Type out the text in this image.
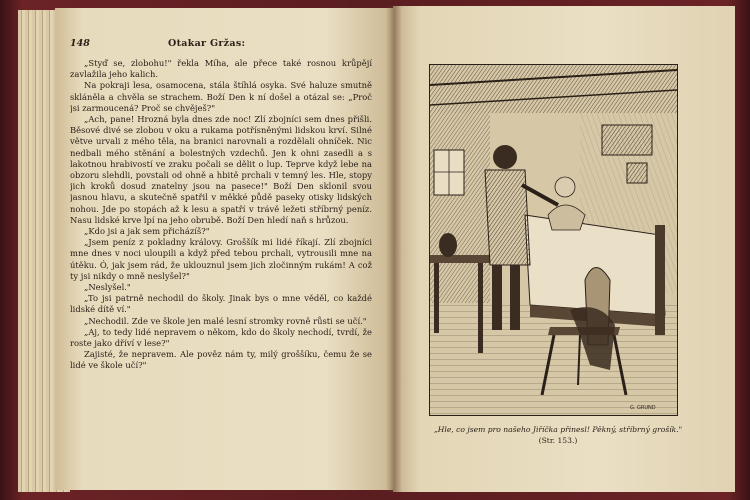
148	Otakar Gržas:

„Styď se, zlobohu!" řekla Míha, ale přece také rosnou krůpějí zavlažila jeho kalich.

Na pokraji lesa, osamocena, stála štíhlá osyka. Své haluze smutně skláněla a chvěla se strachem. Boží Den k ní došel a otázal se: „Proč jsi zarmoucená? Proč se chvěješ?"

„Ach, pane! Hrozná byla dnes zde noc! Zlí zbojníci sem dnes přišli. Běsové divé se zlobou v oku a rukama potřísněnými lidskou krví. Silné větve urvali z mého těla, na branici narovnali a rozdělali ohníček. Nic nedbali mého stěnání a bolestných vzdechů. Jen k ohni zasedli a s lakotnou hrabivostí ve zraku počali se dělit o lup. Teprve když lebe na obzoru slehdli, povstali od ohně a hbitě prchali v temný les. Hle, stopy jich kroků dosud znatelny jsou na pasece!" Boží Den sklonil svou jasnou hlavu, a skutečně spatřil v měkké půdě paseky otisky lidských nohou. Jde po stopách až k lesu a spatří v trávě ležeti stříbrný peníz. Nasu lidské krve lpí na jeho obrubě. Boží Den hledí naň s hrůzou.

„Kdo jsi a jak sem přicházíš?"

„Jsem peníz z pokladny královy. Groššík mi lidé říkají. Zlí zbojníci mne dnes v noci uloupili a když před tebou prchali, vytrousili mne na útěku. Ó, jak jsem rád, že uklouznul jsem jich zločinným rukám! A což ty jsi nikdy o mně neslyšel?"

„Neslyšel."

„To jsi patrně nechodil do školy. Jinak bys o mne věděl, co každé lidské dítě ví."

„Nechodil. Zde ve škole jen malé lesní stromky rovně růsti se učí."

„Aj, to tedy lidé nepravem o někom, kdo do školy nechodí, tvrdí, že roste jako dříví v lese?"

Zajisté, že nepravem. Ale pověz nám ty, milý groššíku, čemu že se lidé ve škole učí?"

G. GRUND
„Hle, co jsem pro našeho Jiříčka přinesl! Pěkný, stříbrný grošík."
(Str. 153.)
